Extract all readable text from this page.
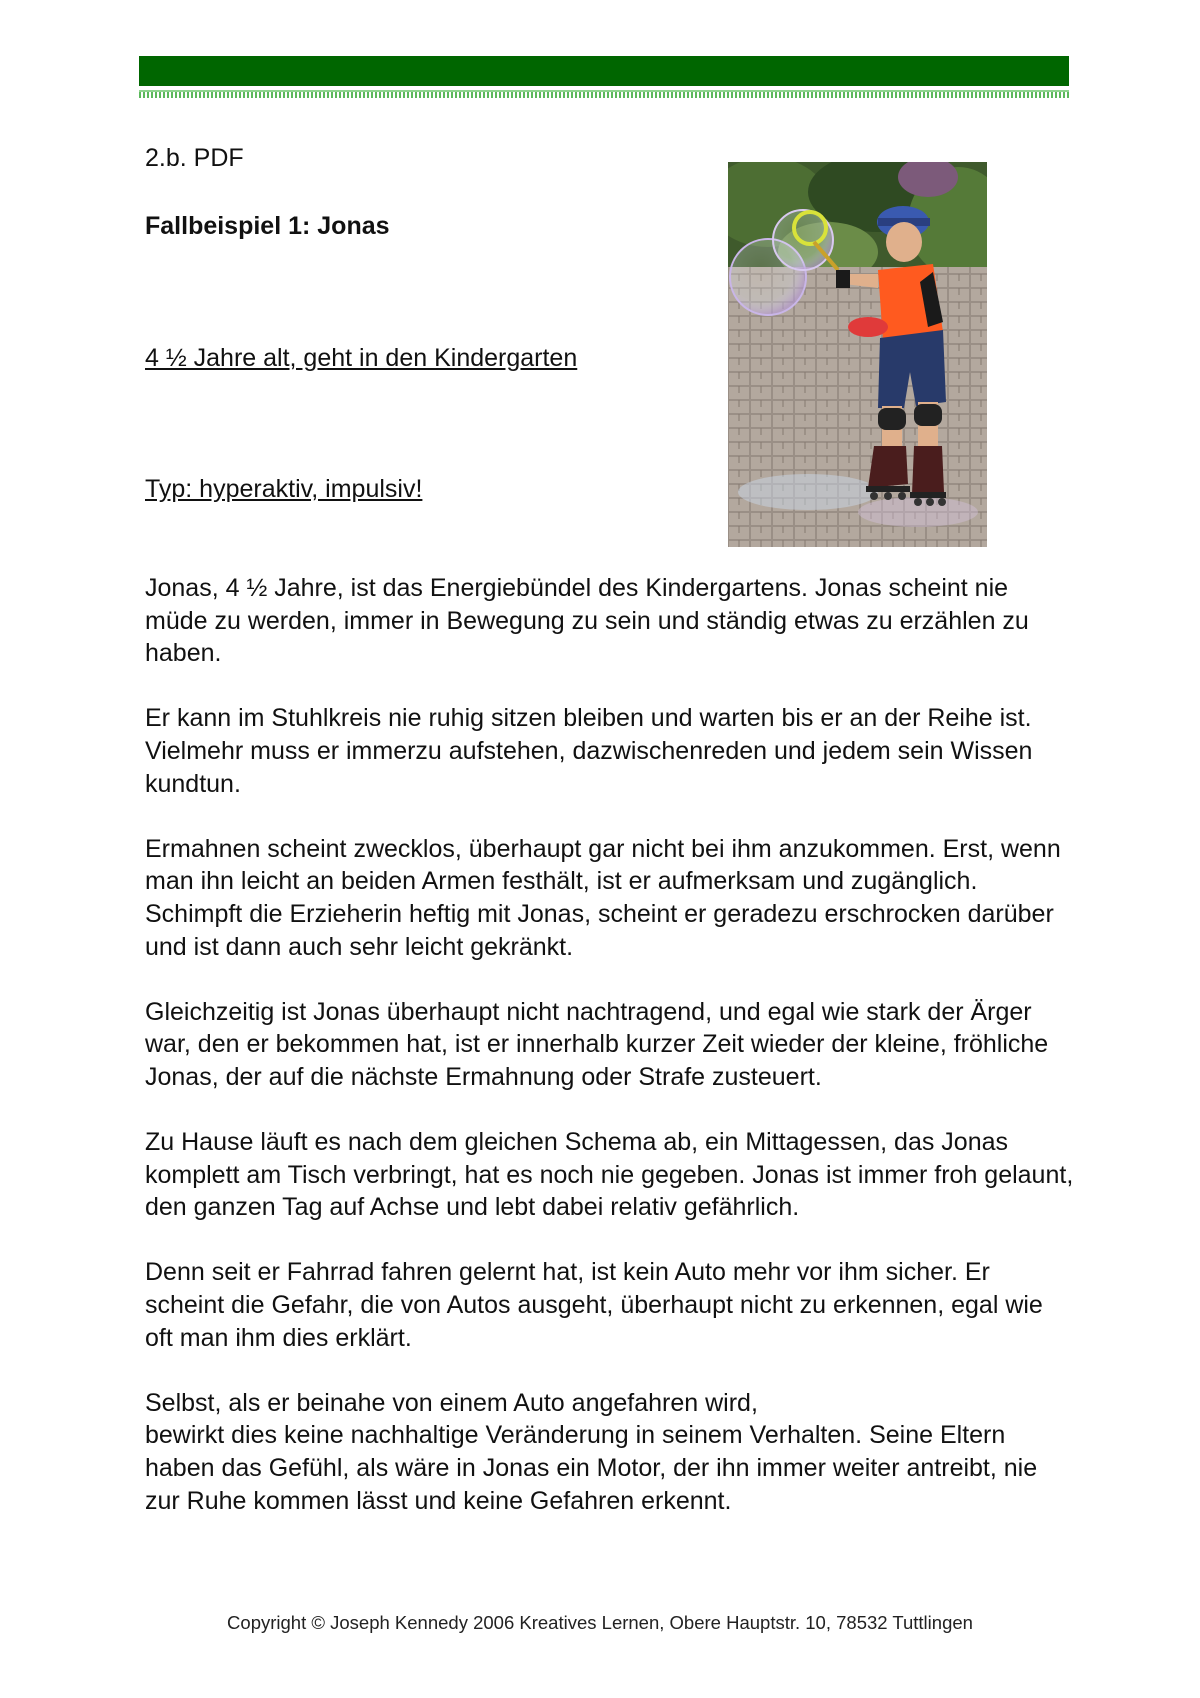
2.b. PDF
Fallbeispiel 1: Jonas
4 ½ Jahre alt, geht in den Kindergarten
Typ: hyperaktiv, impulsiv!

Jonas, 4 ½ Jahre, ist das Energiebündel des Kindergartens. Jonas scheint nie müde zu werden, immer in Bewegung zu sein und ständig etwas zu erzählen zu haben.

Er kann im Stuhlkreis nie ruhig sitzen bleiben und warten bis er an der Reihe ist. Vielmehr muss er immerzu aufstehen, dazwischenreden und jedem sein Wissen kundtun.

Ermahnen scheint zwecklos, überhaupt gar nicht bei ihm anzukommen. Erst, wenn man ihn leicht an beiden Armen festhält, ist er aufmerksam und zugänglich. Schimpft die Erzieherin heftig mit Jonas, scheint er geradezu erschrocken darüber und ist dann auch sehr leicht gekränkt.

Gleichzeitig ist Jonas überhaupt nicht nachtragend, und egal wie stark der Ärger war, den er bekommen hat, ist er innerhalb kurzer Zeit wieder der kleine, fröhliche Jonas, der auf die nächste Ermahnung oder Strafe zusteuert.

Zu Hause läuft es nach dem gleichen Schema ab, ein Mittagessen, das Jonas komplett am Tisch verbringt, hat es noch nie gegeben. Jonas ist immer froh gelaunt, den ganzen Tag auf Achse und lebt dabei relativ gefährlich.

Denn seit er Fahrrad fahren gelernt hat, ist kein Auto mehr vor ihm sicher. Er scheint die Gefahr, die von Autos ausgeht, überhaupt nicht zu erkennen, egal wie oft man ihm dies erklärt.

Selbst, als er beinahe von einem Auto angefahren wird,
bewirkt dies keine nachhaltige Veränderung in seinem Verhalten. Seine Eltern haben das Gefühl, als wäre in Jonas ein Motor, der ihn immer weiter antreibt, nie zur Ruhe kommen lässt und keine Gefahren erkennt.

Copyright © Joseph Kennedy 2006 Kreatives Lernen, Obere Hauptstr. 10, 78532 Tuttlingen
